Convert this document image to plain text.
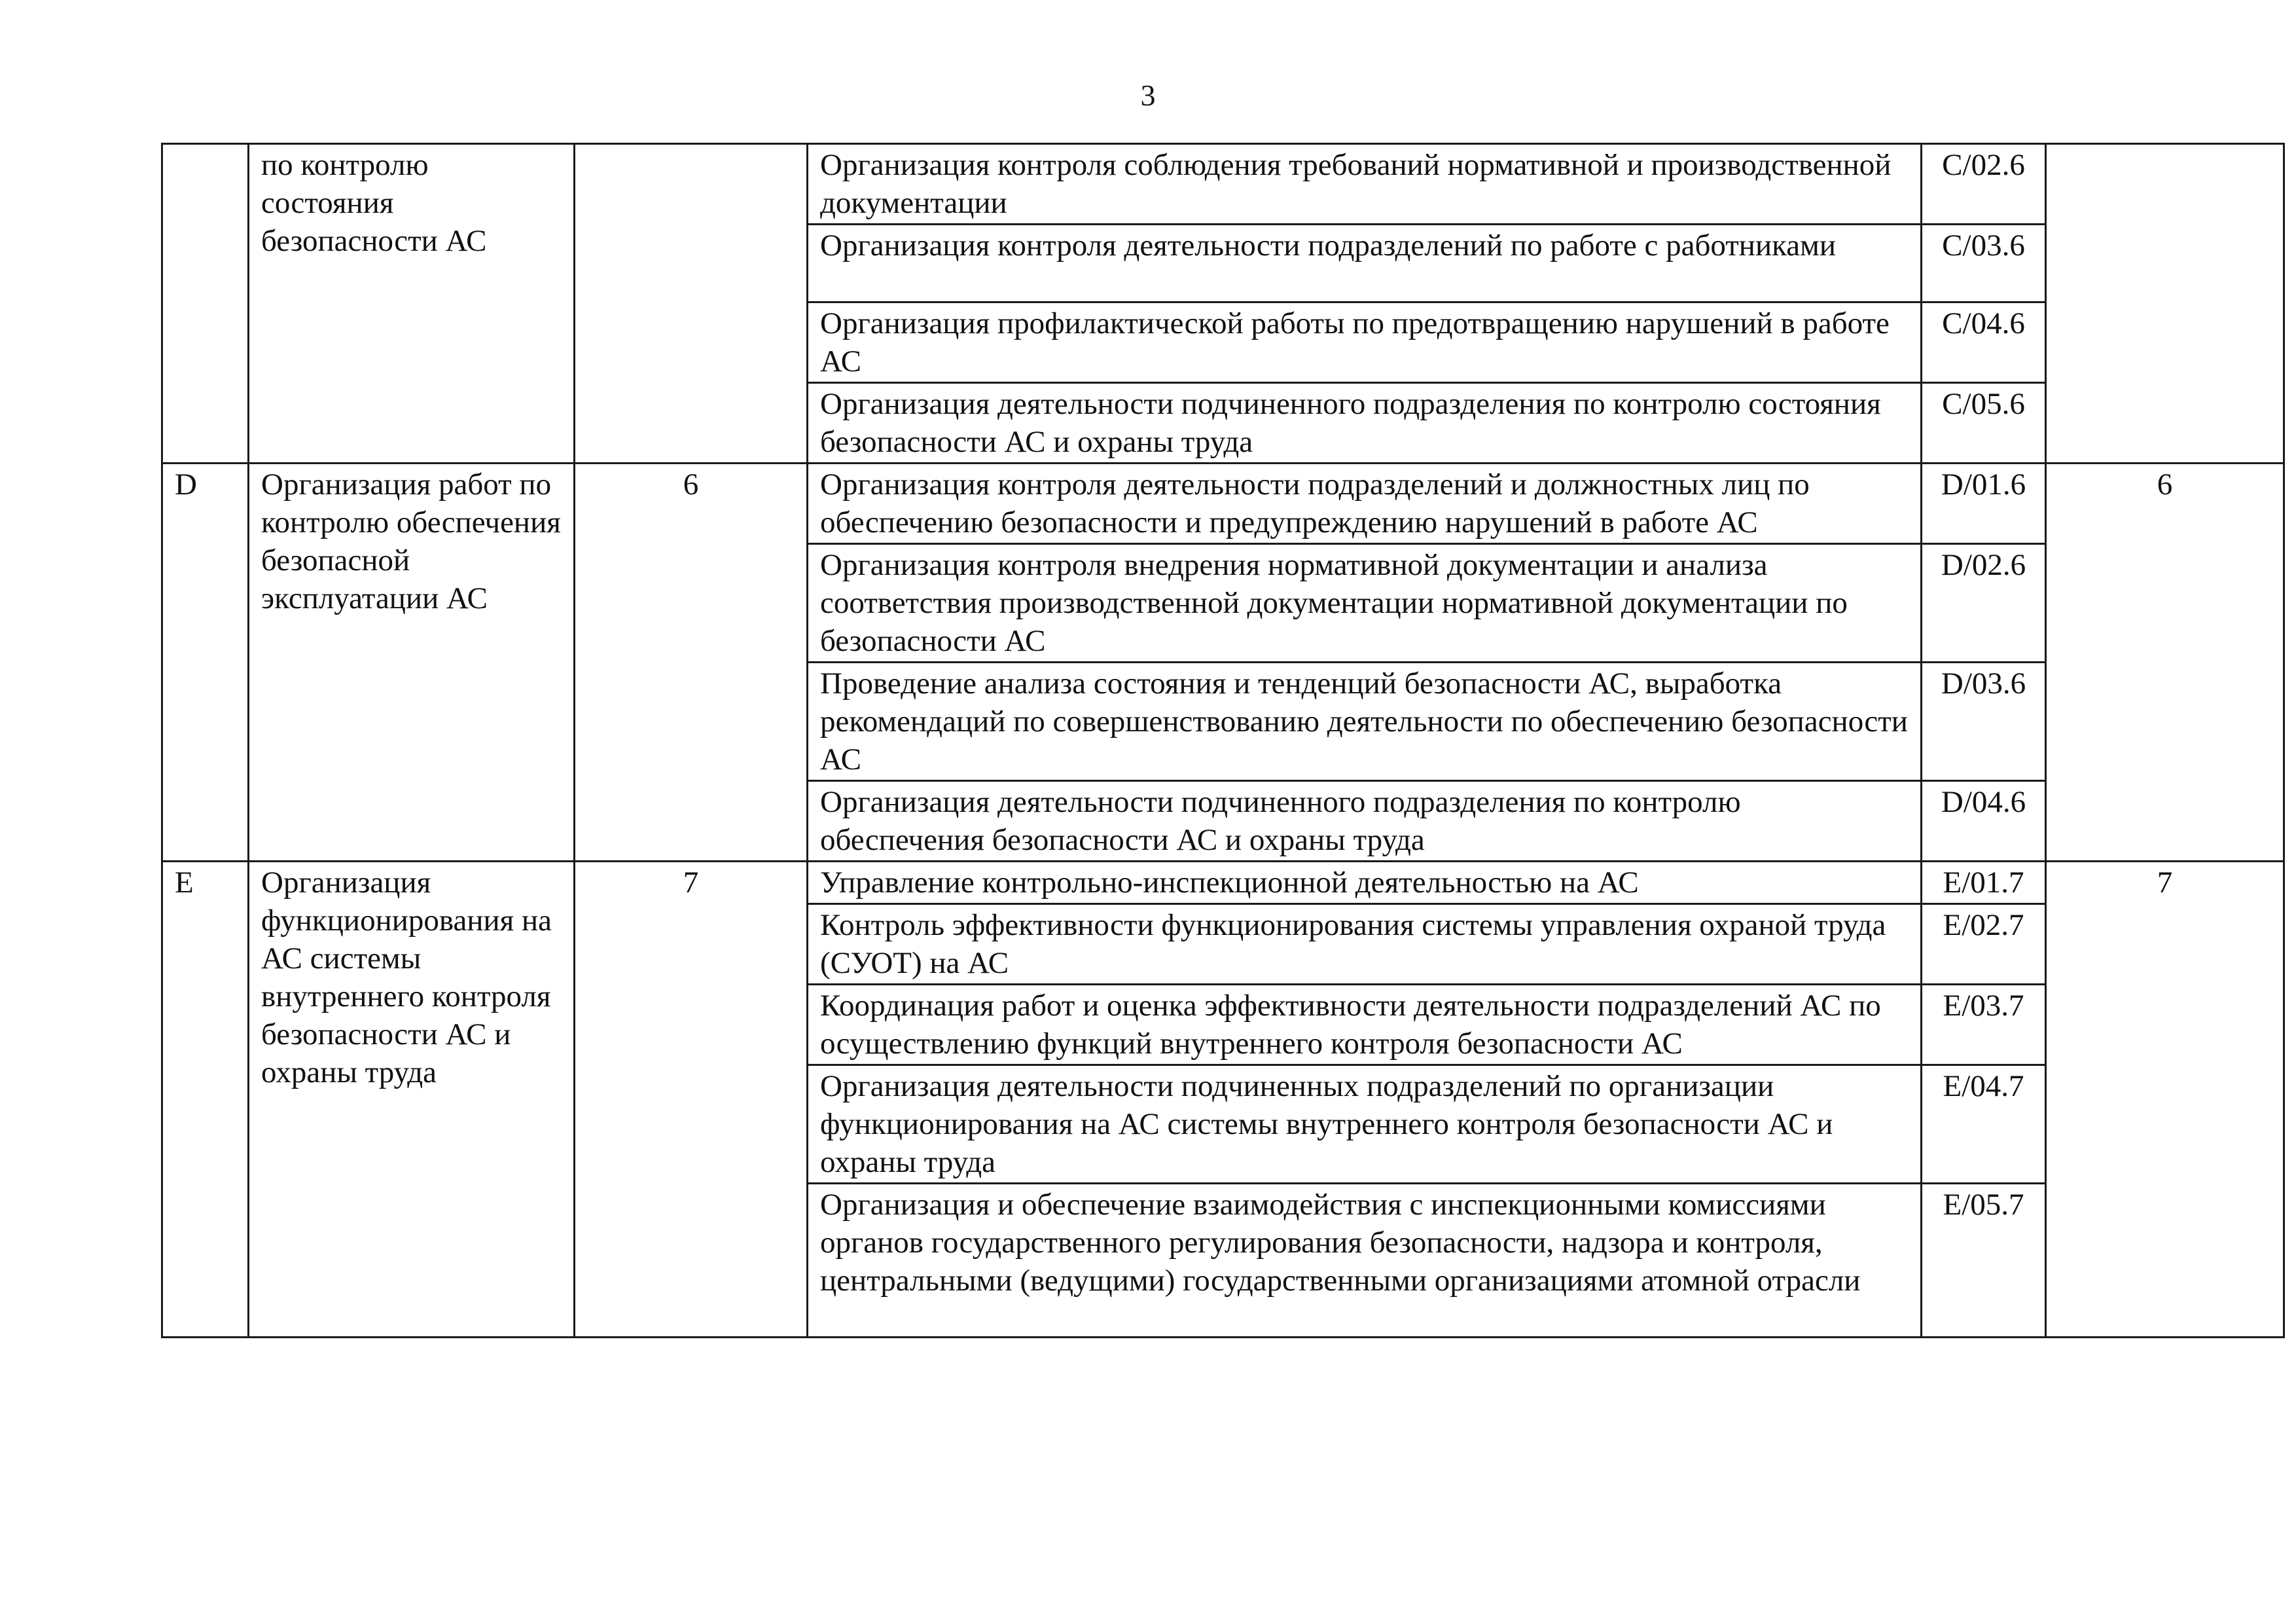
3
	по контролю состояния безопасности АС		Организация контроля соблюдения требований нормативной и производственной документации	C/02.6	
			Организация контроля деятельности подразделений по работе с работниками	C/03.6	
			Организация профилактической работы по предотвращению нарушений в работе АС	C/04.6	
			Организация деятельности подчиненного подразделения по контролю состояния безопасности АС и охраны труда	C/05.6	
D	Организация работ по контролю обеспечения безопасной эксплуатации АС	6	Организация контроля деятельности подразделений и должностных лиц по обеспечению безопасности и предупреждению нарушений в работе АС	D/01.6	6
			Организация контроля внедрения нормативной документации и анализа соответствия производственной документации нормативной документации по безопасности АС	D/02.6	
			Проведение анализа состояния и тенденций безопасности АС, выработка рекомендаций по совершенствованию деятельности по обеспечению безопасности АС	D/03.6	
			Организация деятельности подчиненного подразделения по контролю обеспечения безопасности АС и охраны труда	D/04.6	
E	Организация функционирования на АС системы внутреннего контроля безопасности АС и охраны труда	7	Управление контрольно-инспекционной деятельностью на АС	E/01.7	7
			Контроль эффективности функционирования системы управления охраной труда (СУОТ) на АС	E/02.7	
			Координация работ и оценка эффективности деятельности подразделений АС по осуществлению функций внутреннего контроля безопасности АС	E/03.7	
			Организация деятельности подчиненных подразделений по организации функционирования на АС системы внутреннего контроля безопасности АС и охраны труда	E/04.7	
			Организация и обеспечение взаимодействия с инспекционными комиссиями органов государственного регулирования безопасности, надзора и контроля, центральными (ведущими) государственными организациями атомной отрасли	E/05.7	
